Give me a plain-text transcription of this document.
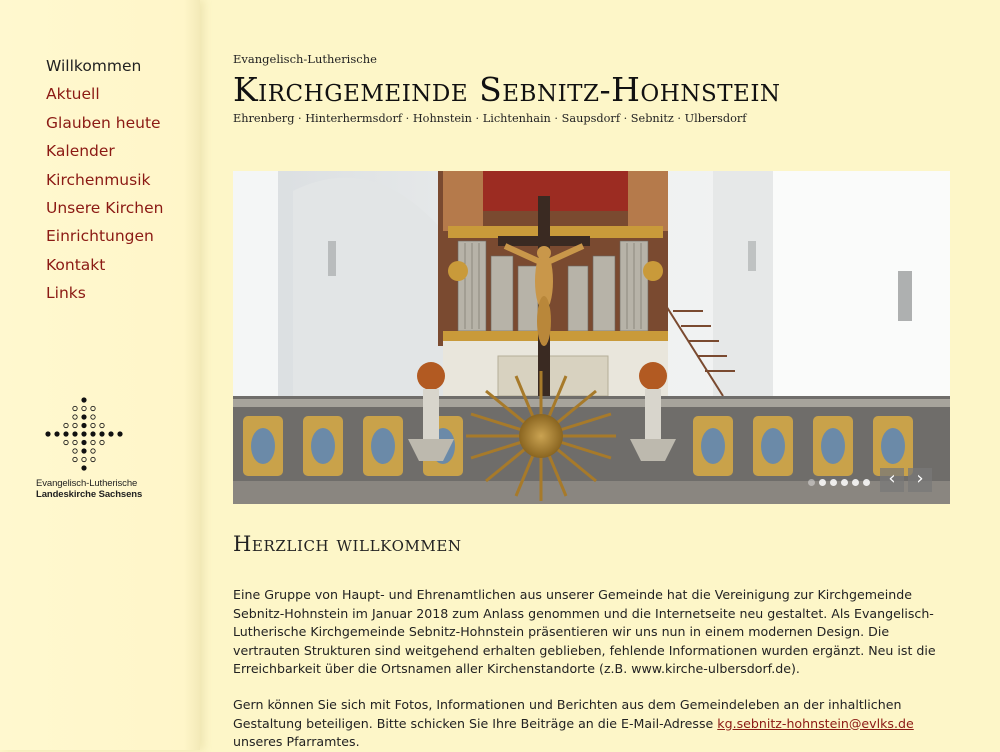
Willkommen
Aktuell
Glauben heute
Kalender
Kirchenmusik
Unsere Kirchen
Einrichtungen
Kontakt
Links
Evangelisch-Lutherische
Landeskirche Sachsens
Evangelisch-Lutherische
Kirchgemeinde Sebnitz-Hohnstein
Ehrenberg · Hinterhermsdorf · Hohnstein · Lichtenhain · Saupsdorf · Sebnitz · Ulbersdorf
‹	›
Herzlich willkommen

Eine Gruppe von Haupt- und Ehrenamtlichen aus unserer Gemeinde hat die Vereinigung zur Kirchgemeinde Sebnitz-Hohnstein im Januar 2018 zum Anlass genommen und die Internetseite neu gestaltet. Als Evangelisch-Lutherische Kirchgemeinde Sebnitz-Hohnstein präsentieren wir uns nun in einem modernen Design. Die vertrauten Strukturen sind weitgehend erhalten geblieben, fehlende Informationen wurden ergänzt. Neu ist die Erreichbarkeit über die Ortsnamen aller Kirchenstandorte (z.B. www.kirche-ulbersdorf.de).

Gern können Sie sich mit Fotos, Informationen und Berichten aus dem Gemeindeleben an der inhaltlichen Gestaltung beteiligen. Bitte schicken Sie Ihre Beiträge an die E-Mail-Adresse kg.sebnitz-hohnstein@evlks.de unseres Pfarramtes.
